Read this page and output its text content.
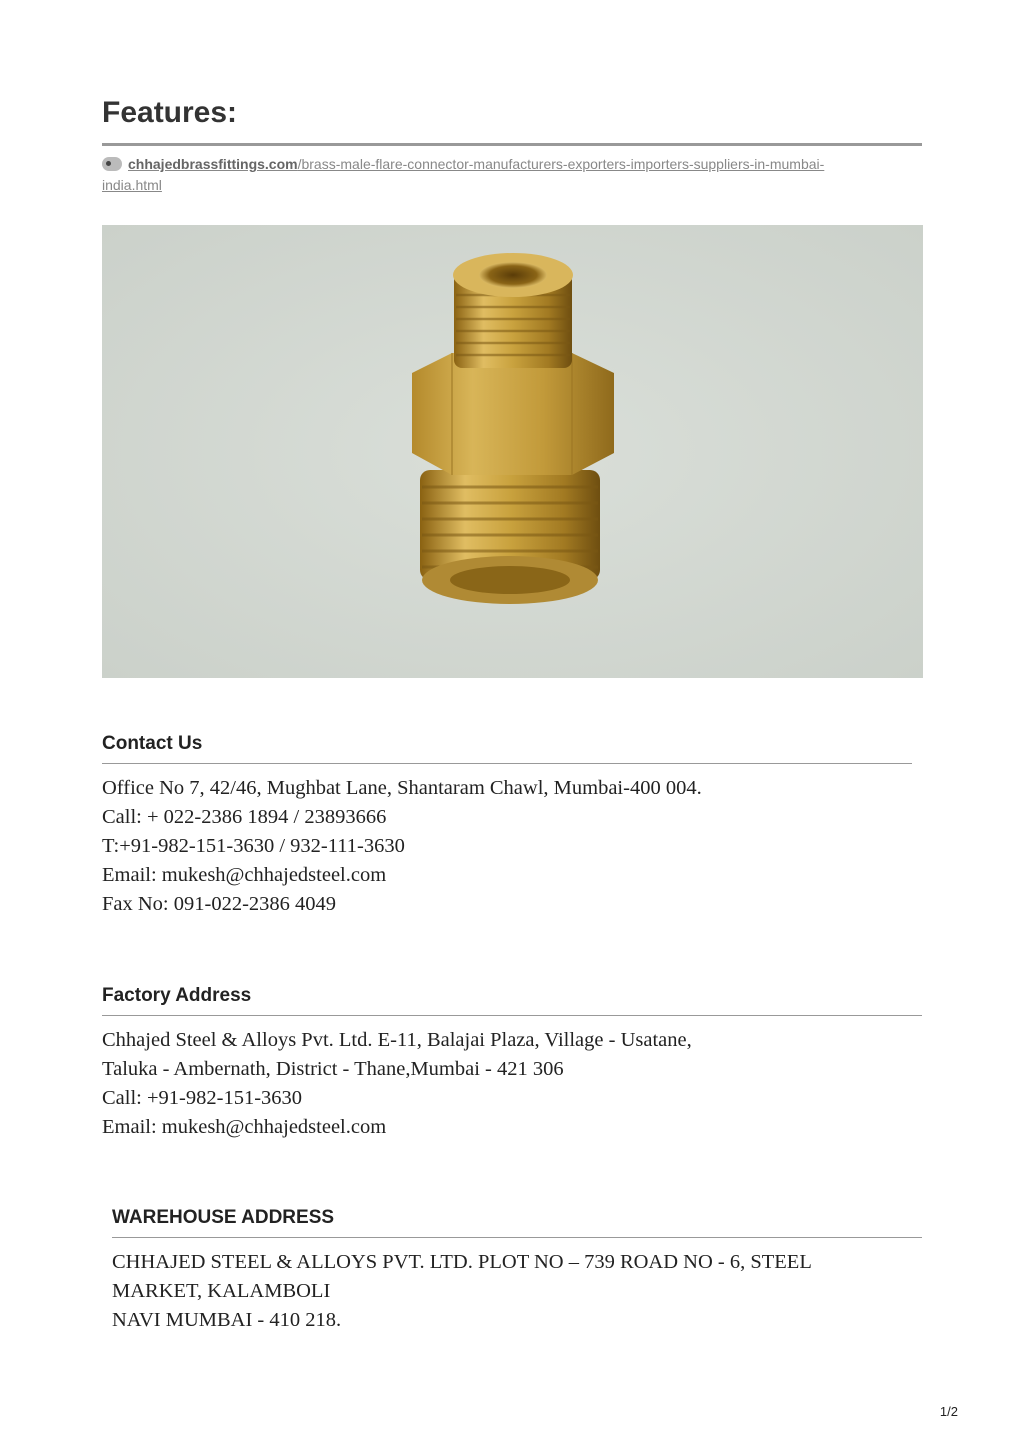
Features:
chhajedbrassfittings.com/brass-male-flare-connector-manufacturers-exporters-importers-suppliers-in-mumbai-
india.html
Contact Us
Office No 7, 42/46, Mughbat Lane, Shantaram Chawl, Mumbai-400 004.
Call: + 022-2386 1894 / 23893666
T:+91-982-151-3630 / 932-111-3630
Email: mukesh@chhajedsteel.com
Fax No: 091-022-2386 4049
Factory Address
Chhajed Steel & Alloys Pvt. Ltd. E-11, Balajai Plaza, Village - Usatane,
Taluka - Ambernath, District - Thane,Mumbai - 421 306
Call: +91-982-151-3630
Email: mukesh@chhajedsteel.com
WAREHOUSE ADDRESS
CHHAJED STEEL & ALLOYS PVT. LTD. PLOT NO – 739 ROAD NO - 6, STEEL
MARKET, KALAMBOLI
NAVI MUMBAI - 410 218.
1/2
